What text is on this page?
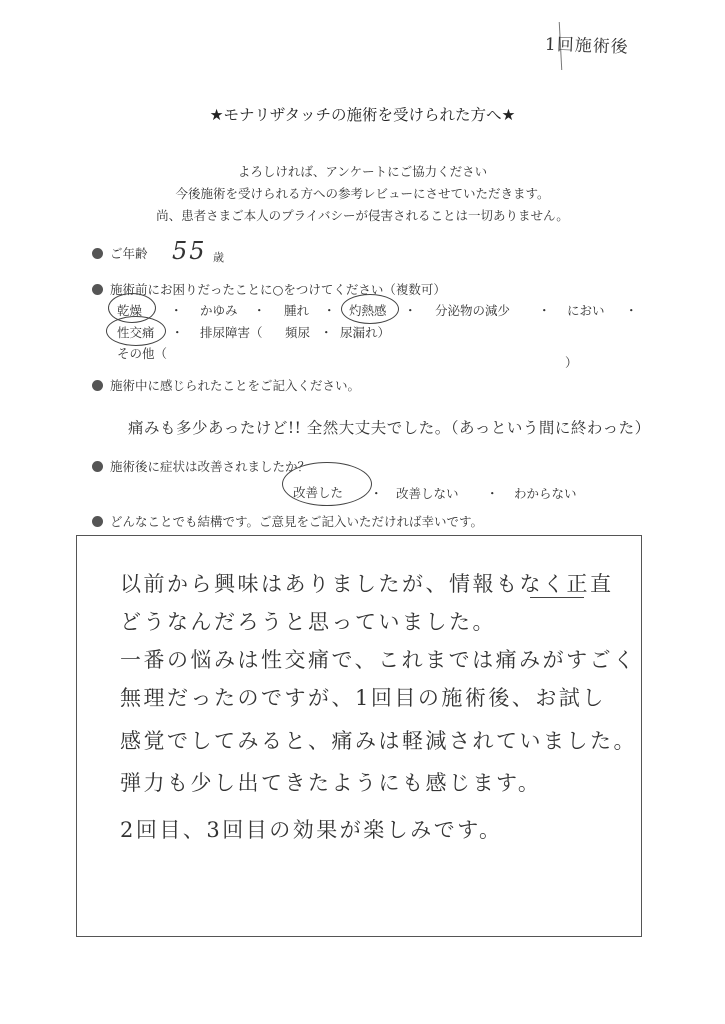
1回施術後
★モナリザタッチの施術を受けられた方へ★
よろしければ、アンケートにご協力ください
今後施術を受けられる方への参考レビューにさせていただきます。
尚、患者さまご本人のプライバシーが侵害されることは一切ありません。
ご年齢 55 歳
施術前にお困りだったことに○をつけてください（複数可）
乾燥 ・ かゆみ ・ 腫れ ・ 灼熱感 ・ 分泌物の減少 ・ におい ・
性交痛 ・ 排尿障害（ 頻尿 ・ 尿漏れ）
その他（
）
施術中に感じられたことをご記入ください。
痛みも多少あったけど!! 全然大丈夫でした。（あっという間に終わった）
施術後に症状は改善されましたか？
改善した ・ 改善しない ・ わからない
どんなことでも結構です。ご意見をご記入いただければ幸いです。
以前から興味はありましたが、情報もなく正直
どうなんだろうと思っていました。
一番の悩みは性交痛で、これまでは痛みがすごく
無理だったのですが、1回目の施術後、お試し
感覚でしてみると、痛みは軽減されていました。
弾力も少し出てきたようにも感じます。
2回目、3回目の効果が楽しみです。
